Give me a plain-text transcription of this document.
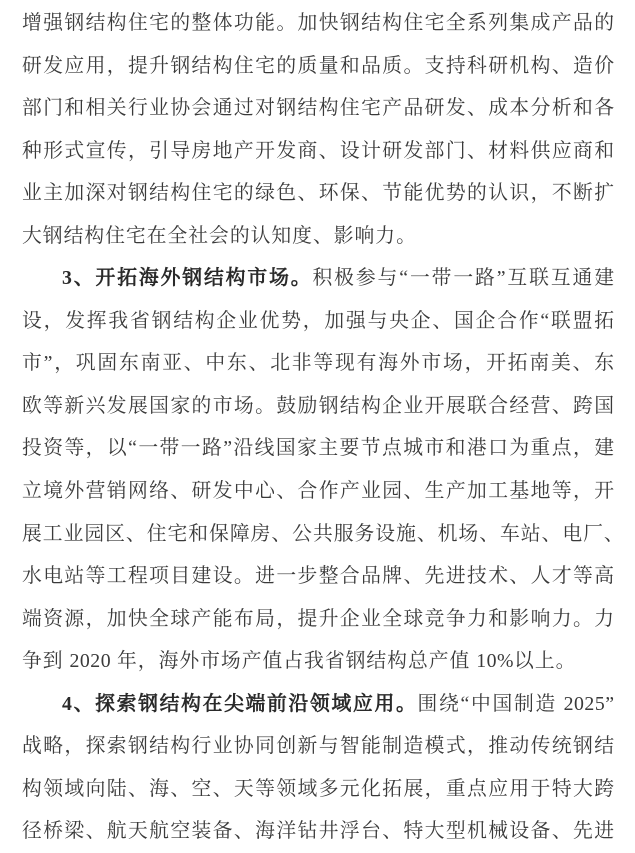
增强钢结构住宅的整体功能。加快钢结构住宅全系列集成产品的
研发应用，提升钢结构住宅的质量和品质。支持科研机构、造价
部门和相关行业协会通过对钢结构住宅产品研发、成本分析和各
种形式宣传，引导房地产开发商、设计研发部门、材料供应商和
业主加深对钢结构住宅的绿色、环保、节能优势的认识，不断扩
大钢结构住宅在全社会的认知度、影响力。
3、开拓海外钢结构市场。积极参与“一带一路”互联互通建
设，发挥我省钢结构企业优势，加强与央企、国企合作“联盟拓
市”，巩固东南亚、中东、北非等现有海外市场，开拓南美、东
欧等新兴发展国家的市场。鼓励钢结构企业开展联合经营、跨国
投资等，以“一带一路”沿线国家主要节点城市和港口为重点，建
立境外营销网络、研发中心、合作产业园、生产加工基地等，开
展工业园区、住宅和保障房、公共服务设施、机场、车站、电厂、
水电站等工程项目建设。进一步整合品牌、先进技术、人才等高
端资源，加快全球产能布局，提升企业全球竞争力和影响力。力
争到 2020 年，海外市场产值占我省钢结构总产值 10%以上。
4、探索钢结构在尖端前沿领域应用。围绕“中国制造 2025”
战略，探索钢结构行业协同创新与智能制造模式，推动传统钢结
构领域向陆、海、空、天等领域多元化拓展，重点应用于特大跨
径桥梁、航天航空装备、海洋钻井浮台、特大型机械设备、先进
